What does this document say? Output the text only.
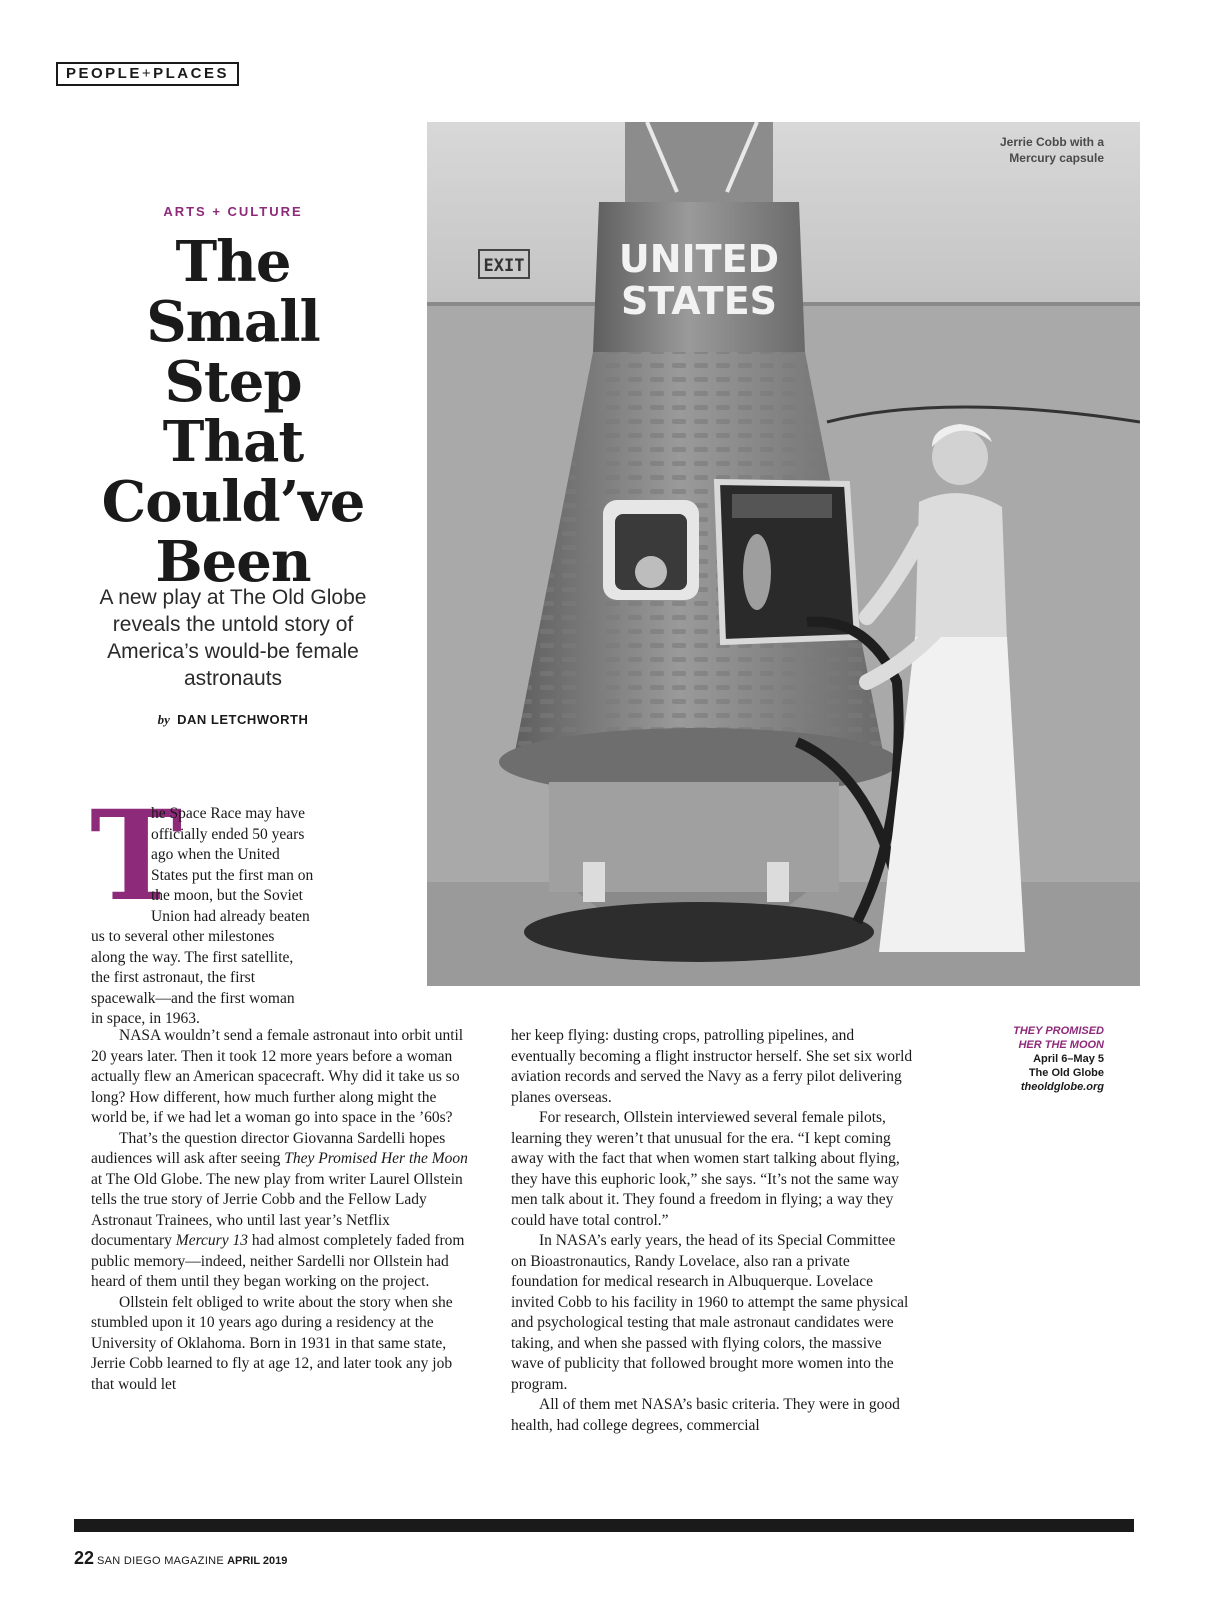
PEOPLE+PLACES
EXIT UNITED
STATES
Jerrie Cobb with a Mercury capsule
ARTS + CULTURE
The
Small
Step
That
Could’ve
Been
A new play at The Old Globe reveals the untold story of America’s would-be female astronauts
by DAN LETCHWORTH
T
he Space Race may have
officially ended 50 years
ago when the United
States put the first man on
the moon, but the Soviet
Union had already beaten
us to several other milestones
along the way. The first satellite,
the first astronaut, the first
spacewalk—and the first woman
in space, in 1963.

NASA wouldn’t send a female astronaut into orbit until 20 years later. Then it took 12 more years before a woman actually flew an American spacecraft. Why did it take us so long? How different, how much further along might the world be, if we had let a woman go into space in the ’60s?

That’s the question director Giovanna Sardelli hopes audiences will ask after seeing They Promised Her the Moon at The Old Globe. The new play from writer Laurel Ollstein tells the true story of Jerrie Cobb and the Fellow Lady Astronaut Trainees, who until last year’s Netflix documentary Mercury 13 had almost completely faded from public memory—indeed, neither Sardelli nor Ollstein had heard of them until they began working on the project.

Ollstein felt obliged to write about the story when she stumbled upon it 10 years ago during a residency at the University of Oklahoma. Born in 1931 in that same state, Jerrie Cobb learned to fly at age 12, and later took any job that would let

her keep flying: dusting crops, patrolling pipelines, and eventually becoming a flight instructor herself. She set six world aviation records and served the Navy as a ferry pilot delivering planes overseas.

For research, Ollstein interviewed several female pilots, learning they weren’t that unusual for the era. “I kept coming away with the fact that when women start talking about flying, they have this euphoric look,” she says. “It’s not the same way men talk about it. They found a freedom in flying; a way they could have total control.”

In NASA’s early years, the head of its Special Committee on Bioastronautics, Randy Lovelace, also ran a private foundation for medical research in Albuquerque. Lovelace invited Cobb to his facility in 1960 to attempt the same physical and psychological testing that male astronaut candidates were taking, and when she passed with flying colors, the massive wave of publicity that followed brought more women into the program.

All of them met NASA’s basic criteria. They were in good health, had college degrees, commercial

THEY PROMISED
HER THE MOON
April 6–May 5
The Old Globe
theoldglobe.org
22 SAN DIEGO MAGAZINE APRIL 2019
